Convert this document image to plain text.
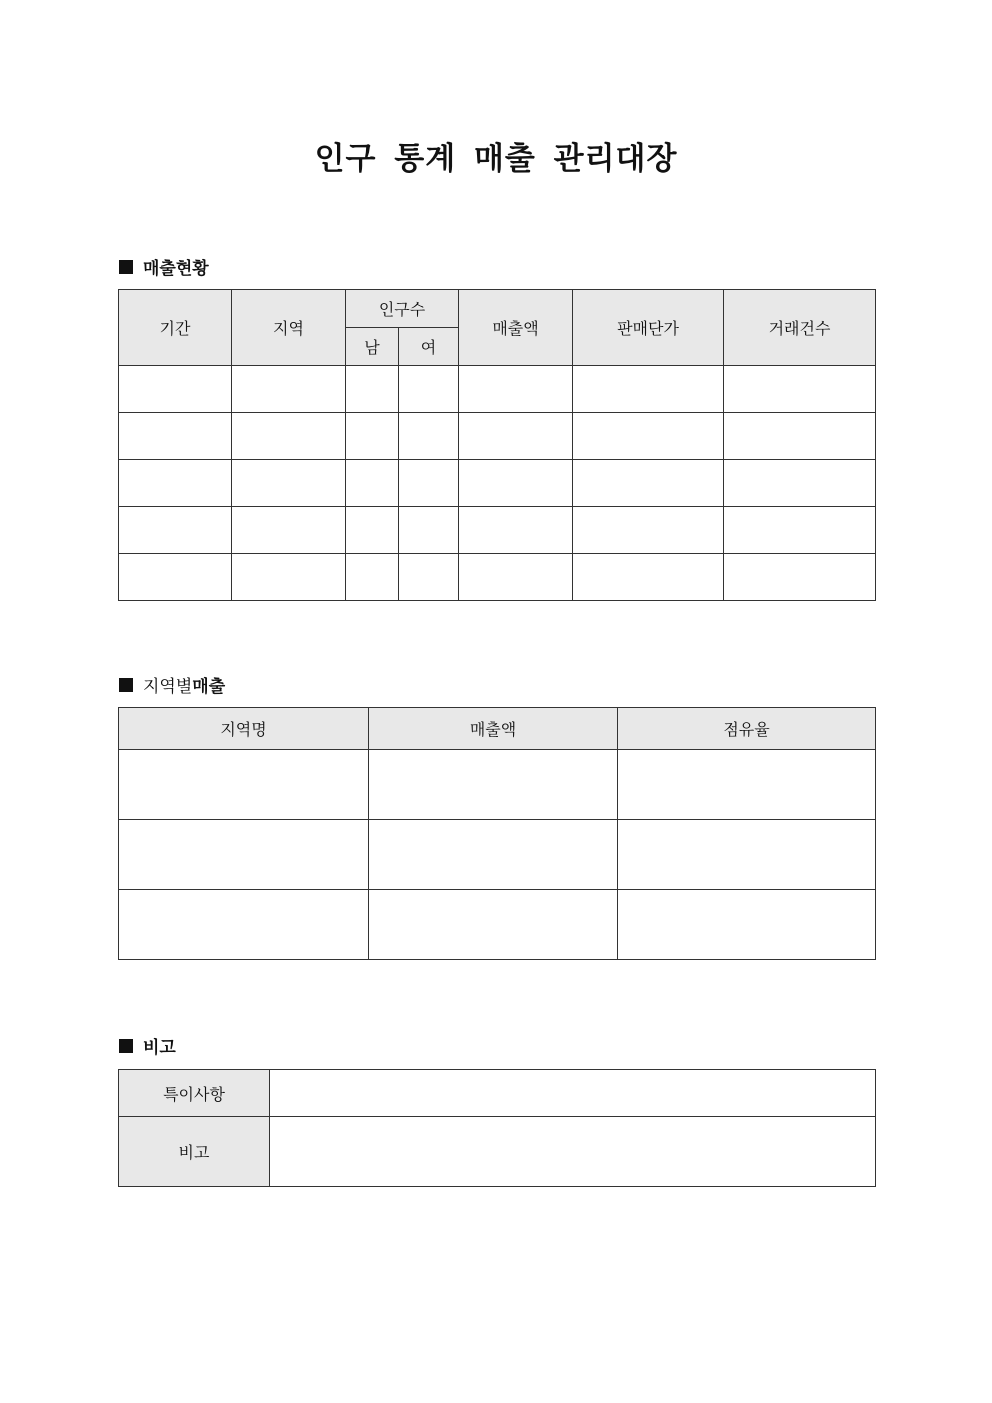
인구 통계 매출 관리대장
매출현황
기간	지역	인구수		매출액	판매단가	거래건수
		남	여			

지역별매출
지역명	매출액	점유율

비고
특이사항	
비고	
